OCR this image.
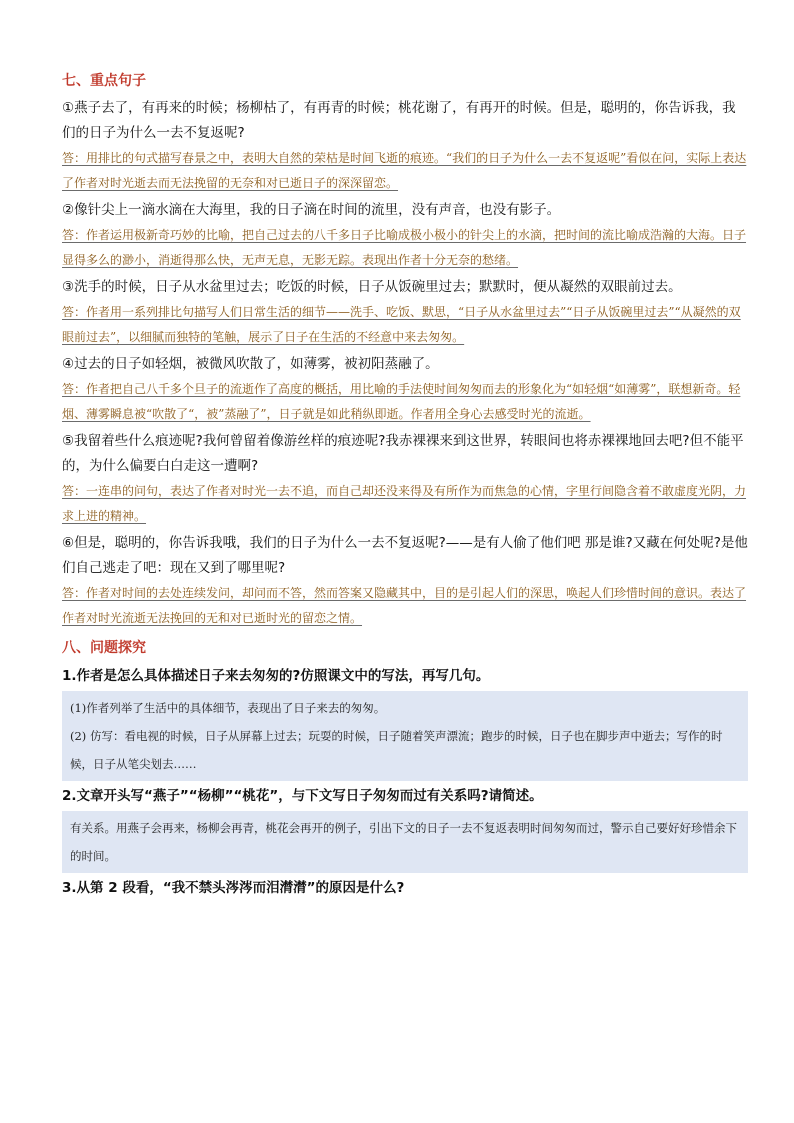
七、重点句子

①燕子去了，有再来的时候；杨柳枯了，有再青的时候；桃花谢了，有再开的时候。但是，聪明的，你告诉我，我们的日子为什么一去不复返呢?

答：用排比的句式描写春景之中，表明大自然的荣枯是时间飞逝的痕迹。“我们的日子为什么一去不复返呢”看似在问，实际上表达了作者对时光逝去而无法挽留的无奈和对已逝日子的深深留恋。

②像针尖上一滴水滴在大海里，我的日子滴在时间的流里，没有声音，也没有影子。

答：作者运用极新奇巧妙的比喻，把自己过去的八千多日子比喻成极小极小的针尖上的水滴，把时间的流比喻成浩瀚的大海。日子显得多么的渺小，消逝得那么快，无声无息，无影无踪。表现出作者十分无奈的愁绪。

③洗手的时候，日子从水盆里过去；吃饭的时候，日子从饭碗里过去；默默时，便从凝然的双眼前过去。

答：作者用一系列排比句描写人们日常生活的细节——洗手、吃饭、默思，“日子从水盆里过去”“日子从饭碗里过去”“从凝然的双眼前过去”，以细腻而独特的笔触，展示了日子在生活的不经意中来去匆匆。

④过去的日子如轻烟，被微风吹散了，如薄雾，被初阳蒸融了。

答：作者把自己八千多个旦子的流逝作了高度的概括，用比喻的手法使时间匆匆而去的形象化为“如轻烟“如薄雾”，联想新奇。轻烟、薄雾瞬息被“吹散了“，被”蒸融了”，日子就是如此稍纵即逝。作者用全身心去感受时光的流逝。

⑤我留着些什么痕迹呢?我何曾留着像游丝样的痕迹呢?我赤裸裸来到这世界，转眼间也将赤裸裸地回去吧?但不能平的，为什么偏要白白走这一遭啊?

答：一连串的问句，表达了作者对时光一去不追，而自己却还没来得及有所作为而焦急的心情，字里行间隐含着不敢虚度光阴，力求上进的精神。

⑥但是，聪明的，你告诉我哦，我们的日子为什么一去不复返呢?——是有人偷了他们吧 那是谁?又藏在何处呢?是他们自己逃走了吧：现在又到了哪里呢?

答：作者对时间的去处连续发问，却问而不答，然而答案又隐藏其中，目的是引起人们的深思，唤起人们珍惜时间的意识。表达了作者对时光流逝无法挽回的无和对已逝时光的留恋之情。

八、问题探究

1.作者是怎么具体描述日子来去匆匆的?仿照课文中的写法，再写几句。

(1)作者列举了生活中的具体细节，表现出了日子来去的匆匆。

(2) 仿写：看电视的时候，日子从屏幕上过去；玩耍的时候，日子随着笑声漂流；跑步的时候，日子也在脚步声中逝去；写作的时候，日子从笔尖划去……

2.文章开头写“燕子”“杨柳”“桃花”，与下文写日子匆匆而过有关系吗?请简述。

有关系。用燕子会再来，杨柳会再青，桃花会再开的例子，引出下文的日子一去不复返表明时间匆匆而过，警示自己要好好珍惜余下的时间。

3.从第 2 段看，“我不禁头涔涔而泪潸潸”的原因是什么?
